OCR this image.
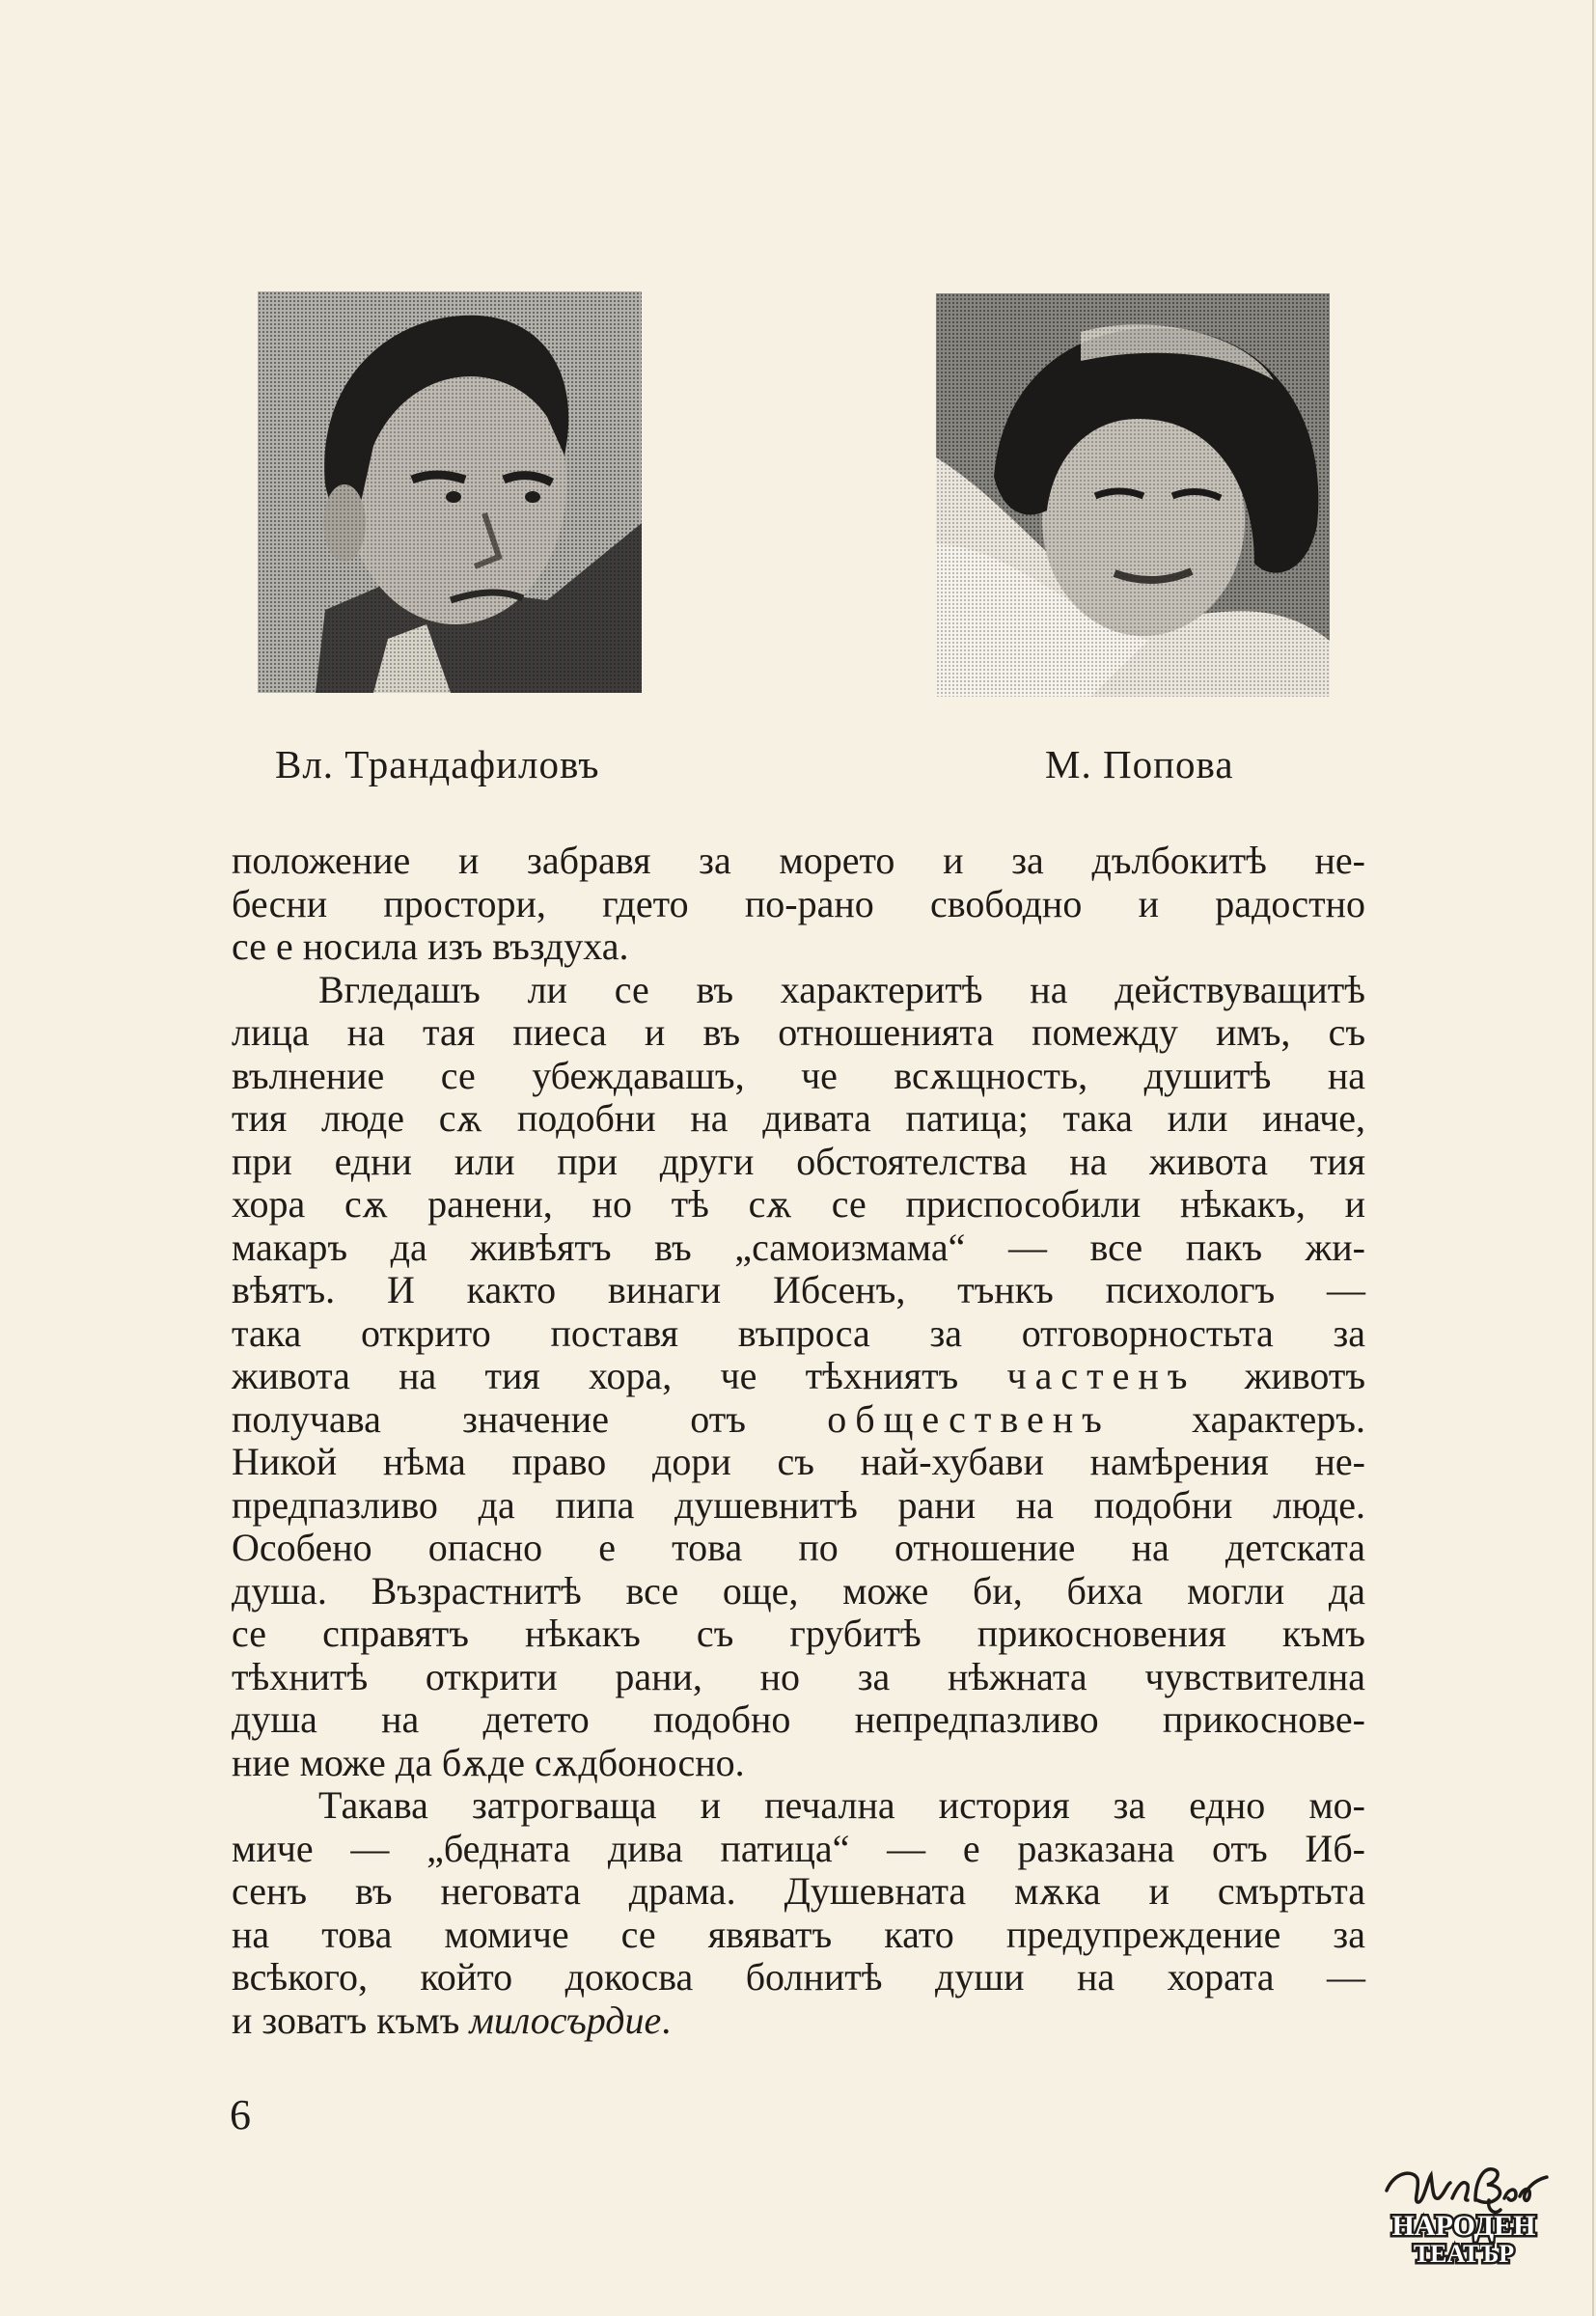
Вл. Трандафиловъ	М. Попова
положение и забравя за морето и за дълбокитѣ не-
бесни простори, гдето по-рано свободно и радостно
се е носила изъ въздуха.
Вгледашъ ли се въ характеритѣ на действуващитѣ
лица на тая пиеса и въ отношенията помежду имъ, съ
вълнение се убеждавашъ, че всѫщность, душитѣ на
тия люде сѫ подобни на дивата патица; така или иначе,
при едни или при други обстоятелства на живота тия
хора сѫ ранени, но тѣ сѫ се приспособили нѣкакъ, и
макаръ да живѣятъ въ „самоизмама“ — все пакъ жи-
вѣятъ. И както винаги Ибсенъ, тънкъ психологъ —
така открито поставя въпроса за отговорностьта за
живота на тия хора, че тѣхниятъ частенъ животъ
получава значение отъ общественъ характеръ.
Никой нѣма право дори съ най-хубави намѣрения не-
предпазливо да пипа душевнитѣ рани на подобни люде.
Особено опасно е това по отношение на детската
душа. Възрастнитѣ все още, може би, биха могли да
се справятъ нѣкакъ съ грубитѣ прикосновения къмъ
тѣхнитѣ открити рани, но за нѣжната чувствителна
душа на детето подобно непредпазливо прикоснове-
ние може да бѫде сѫдбоносно.
Такава затрогваща и печална история за едно мо-
миче — „бедната дива патица“ — е разказана отъ Иб-
сенъ въ неговата драма. Душевната мѫка и смъртьта
на това момиче се явяватъ като предупреждение за
всѣкого, който докосва болнитѣ души на хората —
и зоватъ къмъ милосърдие.
6
НАРОДЕН
ТЕАТЪР
